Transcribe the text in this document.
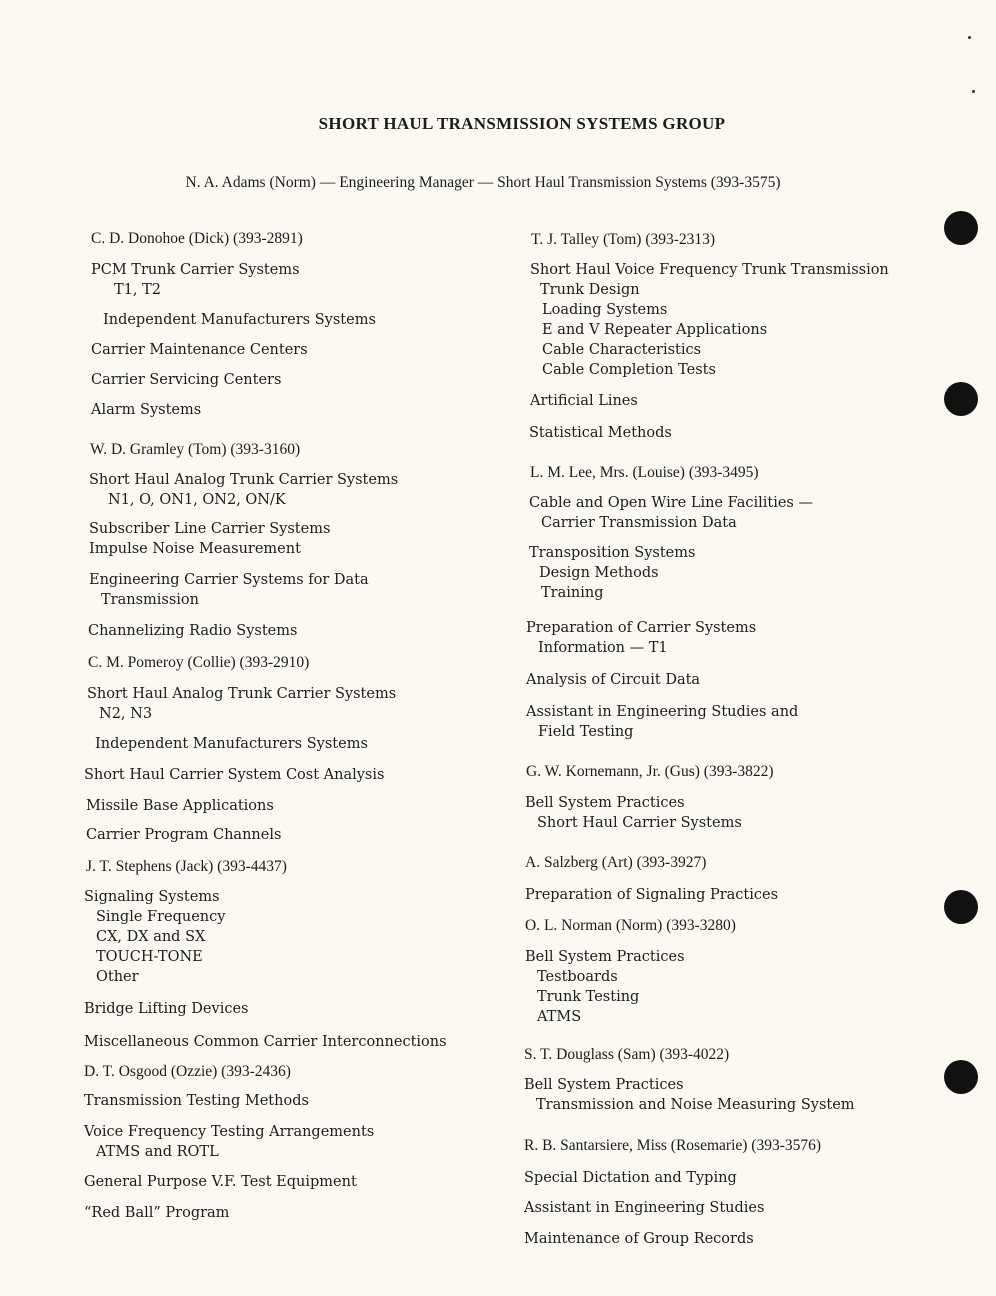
SHORT HAUL TRANSMISSION SYSTEMS GROUP
N. A. Adams (Norm) — Engineering Manager — Short Haul Transmission Systems (393-3575)
C. D. Donohoe (Dick) (393-2891)
PCM Trunk Carrier Systems
T1, T2
Independent Manufacturers Systems
Carrier Maintenance Centers
Carrier Servicing Centers
Alarm Systems
W. D. Gramley (Tom) (393-3160)
Short Haul Analog Trunk Carrier Systems
N1, O, ON1, ON2, ON/K
Subscriber Line Carrier Systems
Impulse Noise Measurement
Engineering Carrier Systems for Data
Transmission
Channelizing Radio Systems
C. M. Pomeroy (Collie) (393-2910)
Short Haul Analog Trunk Carrier Systems
N2, N3
Independent Manufacturers Systems
Short Haul Carrier System Cost Analysis
Missile Base Applications
Carrier Program Channels
J. T. Stephens (Jack) (393-4437)
Signaling Systems
Single Frequency
CX, DX and SX
TOUCH-TONE
Other
Bridge Lifting Devices
Miscellaneous Common Carrier Interconnections
D. T. Osgood (Ozzie) (393-2436)
Transmission Testing Methods
Voice Frequency Testing Arrangements
ATMS and ROTL
General Purpose V.F. Test Equipment
“Red Ball” Program
T. J. Talley (Tom) (393-2313)
Short Haul Voice Frequency Trunk Transmission
Trunk Design
Loading Systems
E and V Repeater Applications
Cable Characteristics
Cable Completion Tests
Artificial Lines
Statistical Methods
L. M. Lee, Mrs. (Louise) (393-3495)
Cable and Open Wire Line Facilities —
Carrier Transmission Data
Transposition Systems
Design Methods
Training
Preparation of Carrier Systems
Information — T1
Analysis of Circuit Data
Assistant in Engineering Studies and
Field Testing
G. W. Kornemann, Jr. (Gus) (393-3822)
Bell System Practices
Short Haul Carrier Systems
A. Salzberg (Art) (393-3927)
Preparation of Signaling Practices
O. L. Norman (Norm) (393-3280)
Bell System Practices
Testboards
Trunk Testing
ATMS
S. T. Douglass (Sam) (393-4022)
Bell System Practices
Transmission and Noise Measuring System
R. B. Santarsiere, Miss (Rosemarie) (393-3576)
Special Dictation and Typing
Assistant in Engineering Studies
Maintenance of Group Records
